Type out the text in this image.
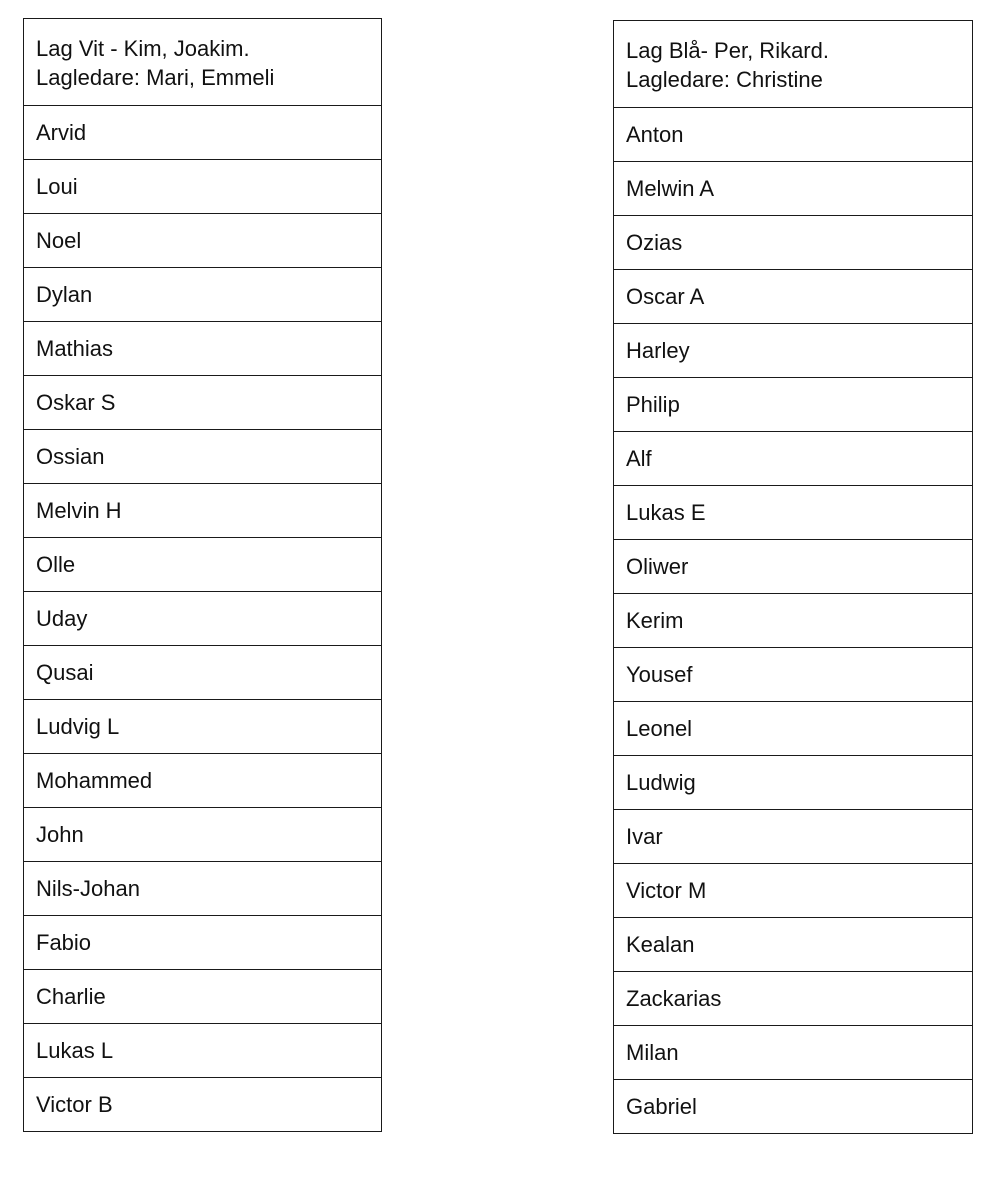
Lag Vit - Kim, Joakim.
Lagledare: Mari, Emmeli

Arvid
Loui
Noel
Dylan
Mathias
Oskar S
Ossian
Melvin H
Olle
Uday
Qusai
Ludvig L
Mohammed
John
Nils-Johan
Fabio
Charlie
Lukas L
Victor B
Lag Blå- Per, Rikard.
Lagledare: Christine

Anton
Melwin A
Ozias
Oscar A
Harley
Philip
Alf
Lukas E
Oliwer
Kerim
Yousef
Leonel
Ludwig
Ivar
Victor M
Kealan
Zackarias
Milan
Gabriel
